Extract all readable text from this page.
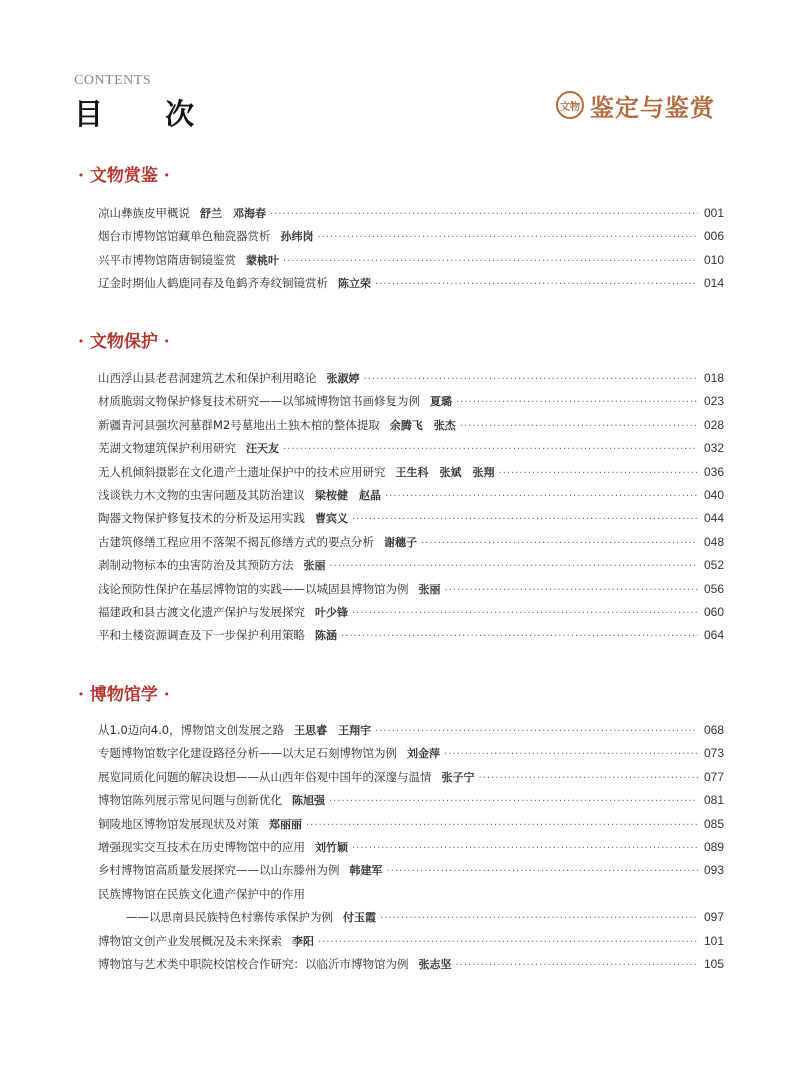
CONTENTS
目 次	文物 鉴定与鉴赏
· 文物赏鉴 ·
凉山彝族皮甲概说 舒兰　邓海春 ·····	001
烟台市博物馆馆藏单色釉瓷器赏析 孙纬岗 ·····	006
兴平市博物馆隋唐铜镜鉴赏 蒙桃叶 ·····	010
辽金时期仙人鹤鹿同春及龟鹤齐寿纹铜镜赏析 陈立荣 ·····	014
· 文物保护 ·
山西浮山县老君洞建筑艺术和保护利用略论 张淑婷 ·····	018
材质脆弱文物保护修复技术研究——以邹城博物馆书画修复为例 夏璐 ·····	023
新疆青河县强坎河墓群M2号墓地出土独木棺的整体提取 余腾飞　张杰 ·····	028
芜湖文物建筑保护利用研究 汪天友 ·····	032
无人机倾斜摄影在文化遗产土遗址保护中的技术应用研究 王生科　张斌　张翔 ·····	036
浅谈铁力木文物的虫害问题及其防治建议 梁桉健　赵晶 ·····	040
陶器文物保护修复技术的分析及运用实践 曹宾义 ·····	044
古建筑修缮工程应用不落架不揭瓦修缮方式的要点分析 谢穗子 ·····	048
剥制动物标本的虫害防治及其预防方法 张丽 ·····	052
浅论预防性保护在基层博物馆的实践——以城固县博物馆为例 张丽 ·····	056
福建政和县古渡文化遗产保护与发展探究 叶少锋 ·····	060
平和土楼资源调查及下一步保护利用策略 陈涵 ·····	064
· 博物馆学 ·
从1.0迈向4.0，博物馆文创发展之路 王思睿　王翔宇 ·····	068
专题博物馆数字化建设路径分析——以大足石刻博物馆为例 刘金萍 ·····	073
展览同质化问题的解决设想——从山西年俗观中国年的深邃与温情 张子宁 ·····	077
博物馆陈列展示常见问题与创新优化 陈旭强 ·····	081
铜陵地区博物馆发展现状及对策 郑丽丽 ·····	085
增强现实交互技术在历史博物馆中的应用 刘竹颖 ·····	089
乡村博物馆高质量发展探究——以山东滕州为例 韩建军 ·····	093
民族博物馆在民族文化遗产保护中的作用
——以思南县民族特色村寨传承保护为例 付玉霞 ·····	097
博物馆文创产业发展概况及未来探索 李阳 ·····	101
博物馆与艺术类中职院校馆校合作研究：以临沂市博物馆为例 张志坚 ·····	105
